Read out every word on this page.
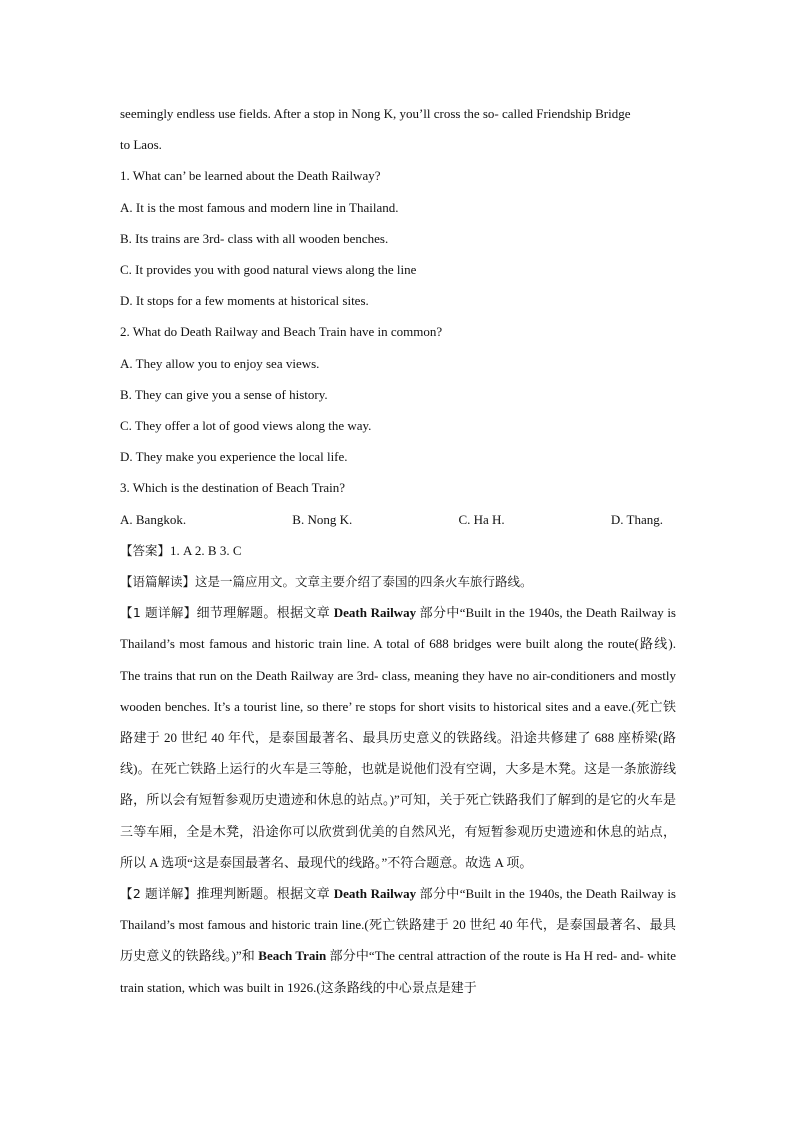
seemingly endless use fields. After a stop in Nong K, you’ll cross the so- called Friendship Bridge

to Laos.

1. What can’ be learned about the Death Railway?

A. It is the most famous and modern line in Thailand.

B. Its trains are 3rd- class with all wooden benches.

C. It provides you with good natural views along the line

D. It stops for a few moments at historical sites.

2. What do Death Railway and Beach Train have in common?

A. They allow you to enjoy sea views.

B. They can give you a sense of history.

C. They offer a lot of good views along the way.

D. They make you experience the local life.

3. Which is the destination of Beach Train?

A. Bangkok.	B. Nong K.	C. Ha H.	D. Thang.

【答案】1. A 2. B 3. C

【语篇解读】这是一篇应用文。文章主要介绍了泰国的四条火车旅行路线。

【1 题详解】细节理解题。根据文章 Death Railway 部分中“Built in the 1940s, the Death Railway is Thailand’s most famous and historic train line. A total of 688 bridges were built along the route(路线). The trains that run on the Death Railway are 3rd- class, meaning they have no air-conditioners and mostly wooden benches. It’s a tourist line, so there’ re stops for short visits to historical sites and a eave.(死亡铁路建于 20 世纪 40 年代，是泰国最著名、最具历史意义的铁路线。沿途共修建了 688 座桥梁(路线)。在死亡铁路上运行的火车是三等舱，也就是说他们没有空调，大多是木凳。这是一条旅游线路，所以会有短暂参观历史遗迹和休息的站点。)”可知，关于死亡铁路我们了解到的是它的火车是三等车厢，全是木凳，沿途你可以欣赏到优美的自然风光，有短暂参观历史遗迹和休息的站点，所以 A 选项“这是泰国最著名、最现代的线路。”不符合题意。故选 A 项。

【2 题详解】推理判断题。根据文章 Death Railway 部分中“Built in the 1940s, the Death Railway is Thailand’s most famous and historic train line.(死亡铁路建于 20 世纪 40 年代，是泰国最著名、最具历史意义的铁路线。)”和 Beach Train 部分中“The central attraction of the route is Ha H red- and- white train station, which was built in 1926.(这条路线的中心景点是建于
